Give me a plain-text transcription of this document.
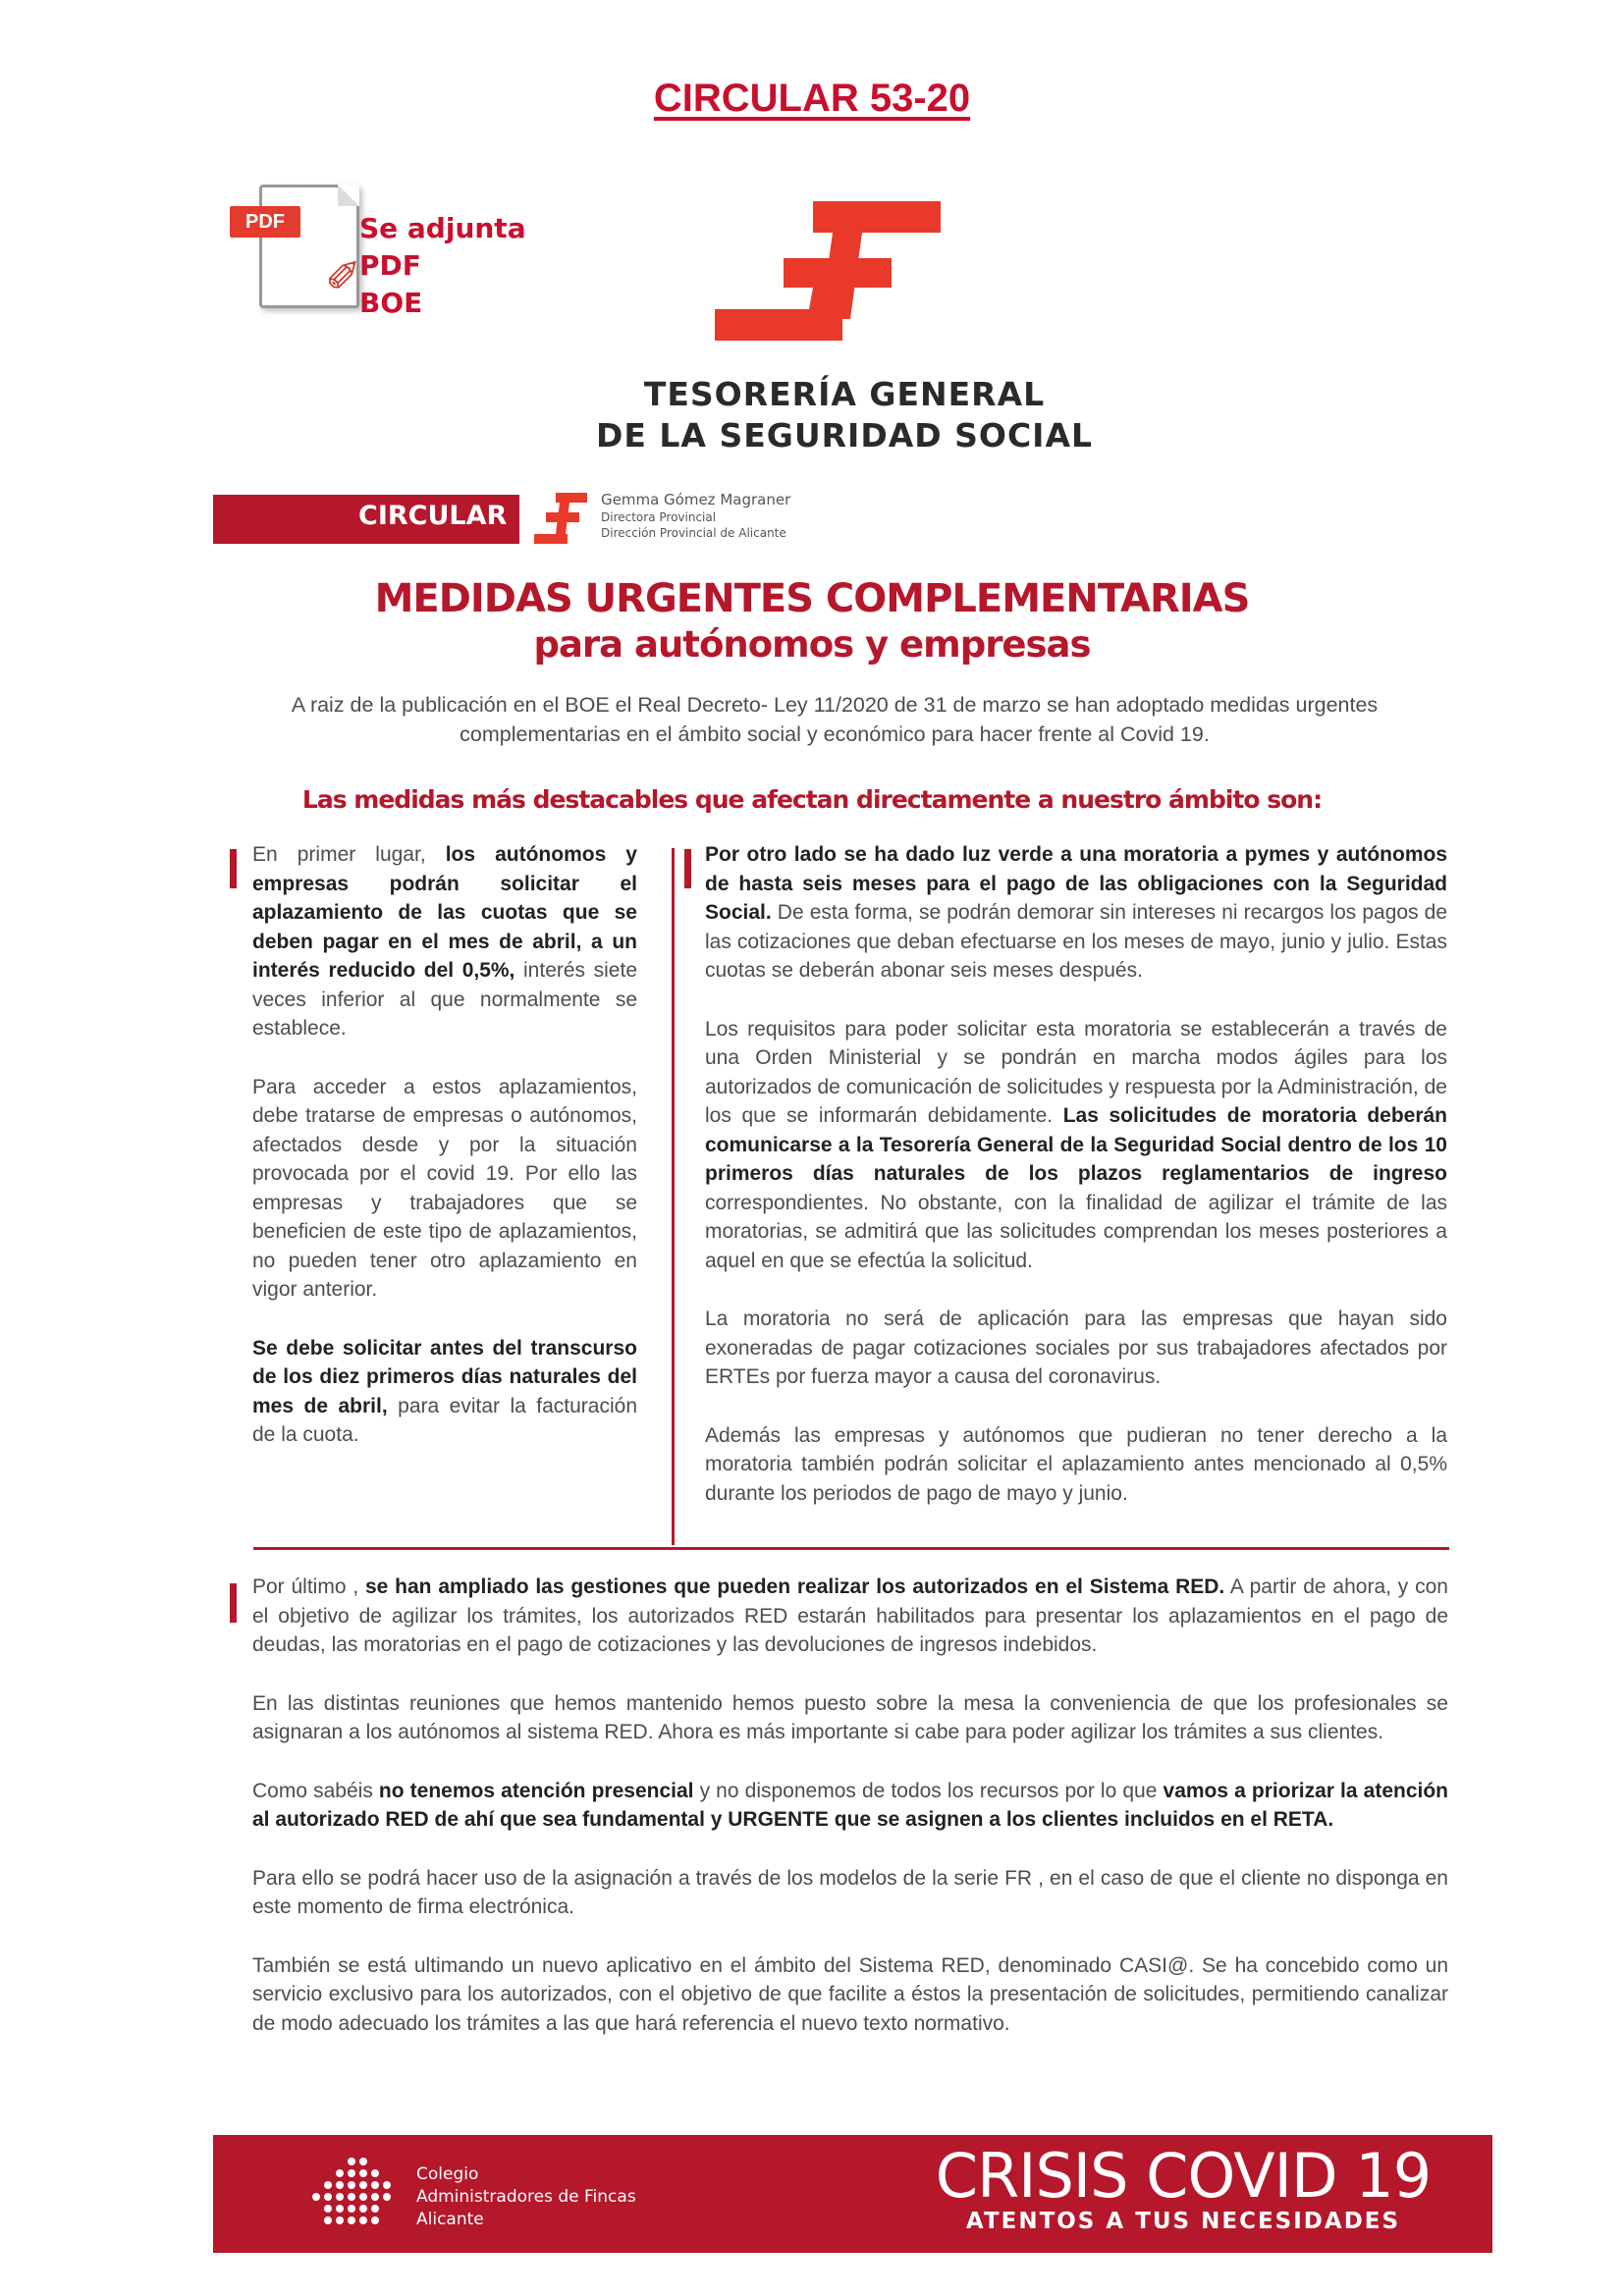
CIRCULAR 53-20
✐
PDF	Se adjunta PDF
BOE
TESORERÍA GENERAL
DE LA SEGURIDAD SOCIAL
CIRCULAR
Gemma Gómez Magraner
Directora Provincial
Dirección Provincial de Alicante
MEDIDAS URGENTES COMPLEMENTARIAS
para autónomos y empresas
A raiz de la publicación en el BOE el Real Decreto- Ley 11/2020 de 31 de marzo se han adoptado medidas urgentes complementarias en el ámbito social y económico para hacer frente al Covid 19.
Las medidas más destacables que afectan directamente a nuestro ámbito son:

En primer lugar, los autónomos y empresas podrán solicitar el aplazamiento de las cuotas que se deben pagar en el mes de abril, a un interés reducido del 0,5%, interés siete veces inferior al que normalmente se establece.

Para acceder a estos aplazamientos, debe tratarse de empresas o autónomos, afectados desde y por la situación provocada por el covid 19. Por ello las empresas y trabajadores que se beneficien de este tipo de aplazamientos, no pueden tener otro aplazamiento en vigor anterior.

Se debe solicitar antes del transcurso de los diez primeros días naturales del mes de abril, para evitar la facturación de la cuota.

Por otro lado se ha dado luz verde a una moratoria a pymes y autónomos de hasta seis meses para el pago de las obligaciones con la Seguridad Social. De esta forma, se podrán demorar sin intereses ni recargos los pagos de las cotizaciones que deban efectuarse en los meses de mayo, junio y julio. Estas cuotas se deberán abonar seis meses después.

Los requisitos para poder solicitar esta moratoria se establecerán a través de una Orden Ministerial y se pondrán en marcha modos ágiles para los autorizados de comunicación de solicitudes y respuesta por la Administración, de los que se informarán debidamente. Las solicitudes de moratoria deberán comunicarse a la Tesorería General de la Seguridad Social dentro de los 10 primeros días naturales de los plazos reglamentarios de ingreso correspondientes. No obstante, con la finalidad de agilizar el trámite de las moratorias, se admitirá que las solicitudes comprendan los meses posteriores a aquel en que se efectúa la solicitud.

La moratoria no será de aplicación para las empresas que hayan sido exoneradas de pagar cotizaciones sociales por sus trabajadores afectados por ERTEs por fuerza mayor a causa del coronavirus.

Además las empresas y autónomos que pudieran no tener derecho a la moratoria también podrán solicitar el aplazamiento antes mencionado al 0,5% durante los periodos de pago de mayo y junio.

Por último , se han ampliado las gestiones que pueden realizar los autorizados en el Sistema RED. A partir de ahora, y con el objetivo de agilizar los trámites, los autorizados RED estarán habilitados para presentar los aplazamientos en el pago de deudas, las moratorias en el pago de cotizaciones y las devoluciones de ingresos indebidos.

En las distintas reuniones que hemos mantenido hemos puesto sobre la mesa la conveniencia de que los profesionales se asignaran a los autónomos al sistema RED. Ahora es más importante si cabe para poder agilizar los trámites a sus clientes.

Como sabéis no tenemos atención presencial y no disponemos de todos los recursos por lo que vamos a priorizar la atención al autorizado RED de ahí que sea fundamental y URGENTE que se asignen a los clientes incluidos en el RETA.

Para ello se podrá hacer uso de la asignación a través de los modelos de la serie FR , en el caso de que el cliente no disponga en este momento de firma electrónica.

También se está ultimando un nuevo aplicativo en el ámbito del Sistema RED, denominado CASI@. Se ha concebido como un servicio exclusivo para los autorizados, con el objetivo de que facilite a éstos la presentación de solicitudes, permitiendo canalizar de modo adecuado los trámites a las que hará referencia el nuevo texto normativo.

Colegio
Administradores de Fincas
Alicante
CRISIS COVID 19
ATENTOS A TUS NECESIDADES
